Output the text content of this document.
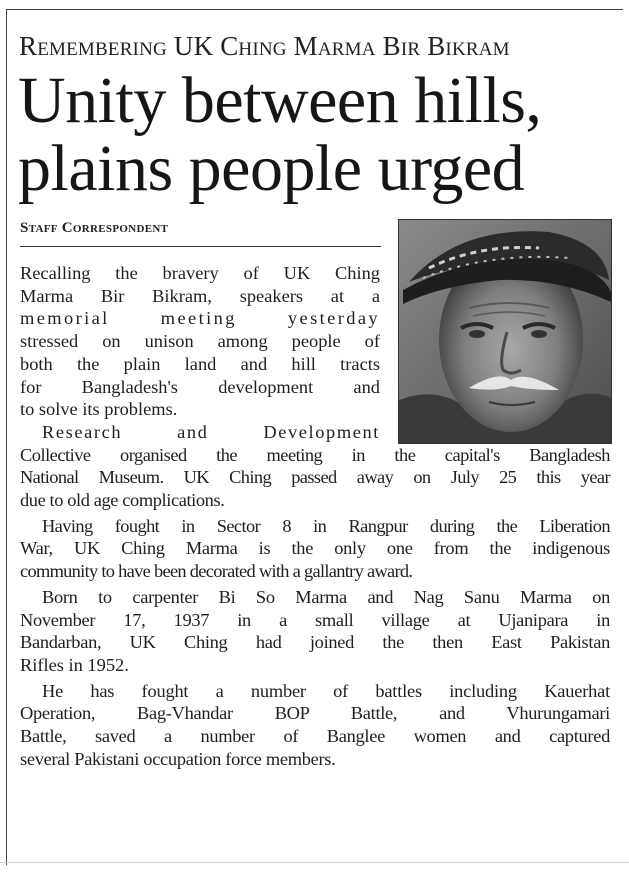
Remembering UK Ching Marma Bir Bikram
Unity between hills,
plains people urged
Staff Correspondent

Recalling the bravery of UK Ching
Marma Bir Bikram, speakers at a
memorial meeting yesterday
stressed on unison among people of
both the plain land and hill tracts
for Bangladesh's development and
to solve its problems.

Research and Development
Collective organised the meeting in the capital's Bangladesh
National Museum. UK Ching passed away on July 25 this year
due to old age complications.

Having fought in Sector 8 in Rangpur during the Liberation
War, UK Ching Marma is the only one from the indigenous
community to have been decorated with a gallantry award.

Born to carpenter Bi So Marma and Nag Sanu Marma on
November 17, 1937 in a small village at Ujanipara in
Bandarban, UK Ching had joined the then East Pakistan
Rifles in 1952.

He has fought a number of battles including Kauerhat
Operation, Bag-Vhandar BOP Battle, and Vhurungamari
Battle, saved a number of Banglee women and captured
several Pakistani occupation force members.
